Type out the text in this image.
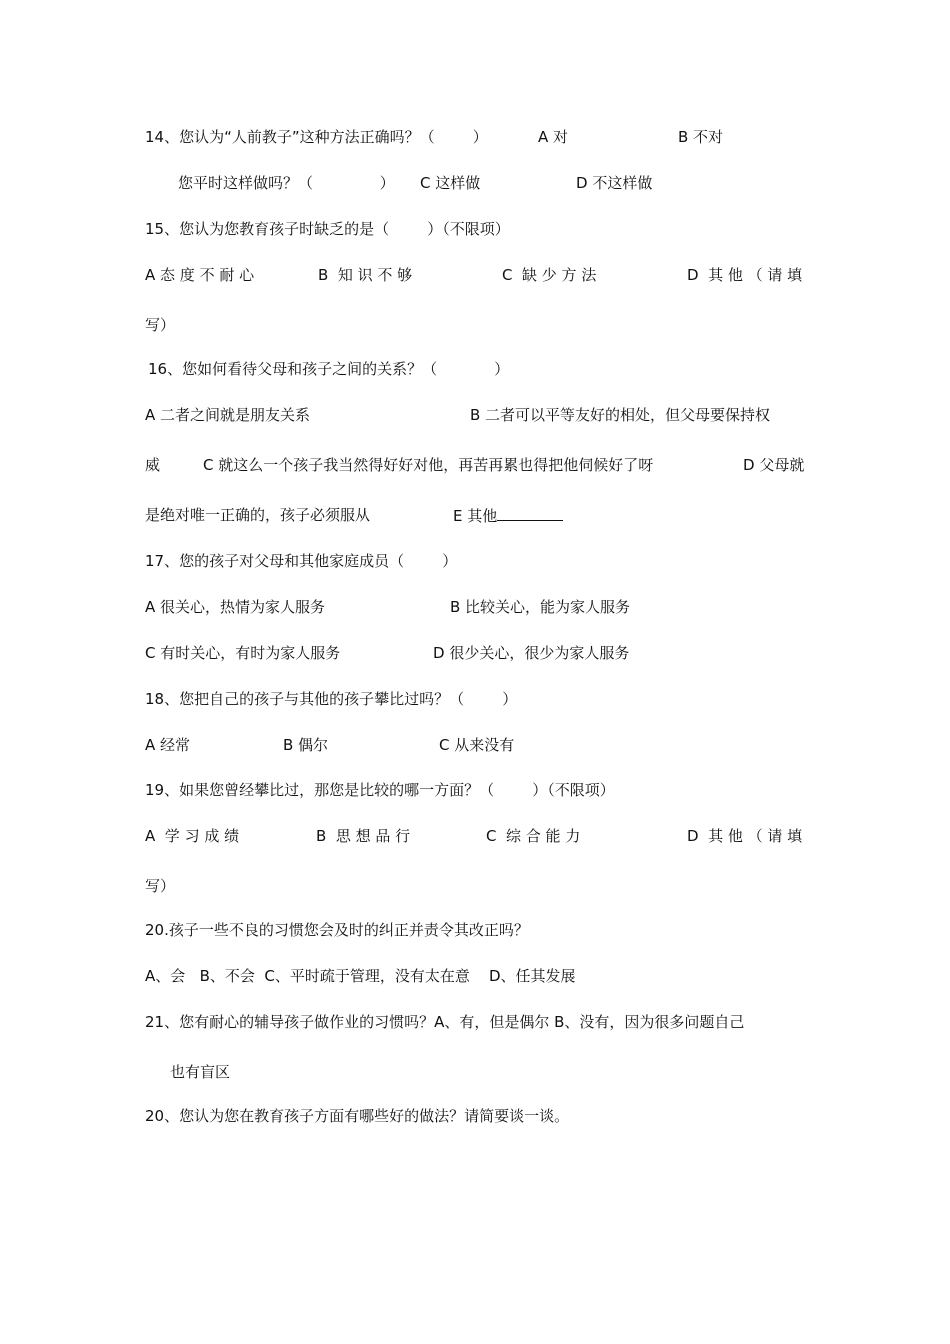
14、您认为“人前教子”这种方法正确吗？（        ）	A 对	B 不对
您平时这样做吗？（              ） C 这样做	D 不这样做
15、您认为您教育孩子时缺乏的是（        ）（不限项）
A 态 度 不 耐 心	B  知 识 不 够	C  缺 少 方 法	D  其 他 （ 请 填
写）
16、您如何看待父母和孩子之间的关系？（            ）
A 二者之间就是朋友关系	B 二者可以平等友好的相处，但父母要保持权
威	C 就这么一个孩子我当然得好好对他，再苦再累也得把他伺候好了呀	D 父母就
是绝对唯一正确的，孩子必须服从	E 其他
17、您的孩子对父母和其他家庭成员（        ）
A 很关心，热情为家人服务	B 比较关心，能为家人服务
C 有时关心，有时为家人服务	D 很少关心，很少为家人服务
18、您把自己的孩子与其他的孩子攀比过吗？（        ）
A 经常	B 偶尔	C 从来没有
19、如果您曾经攀比过，那您是比较的哪一方面？（        ）（不限项）
A  学 习 成 绩	B  思 想 品 行	C  综 合 能 力	D  其 他 （ 请 填
写）
20.孩子一些不良的习惯您会及时的纠正并责令其改正吗？
A、会   B、不会  C、平时疏于管理，没有太在意    D、任其发展
21、您有耐心的辅导孩子做作业的习惯吗？A、有，但是偶尔 B、没有，因为很多问题自己
也有盲区
20、您认为您在教育孩子方面有哪些好的做法？请简要谈一谈。
